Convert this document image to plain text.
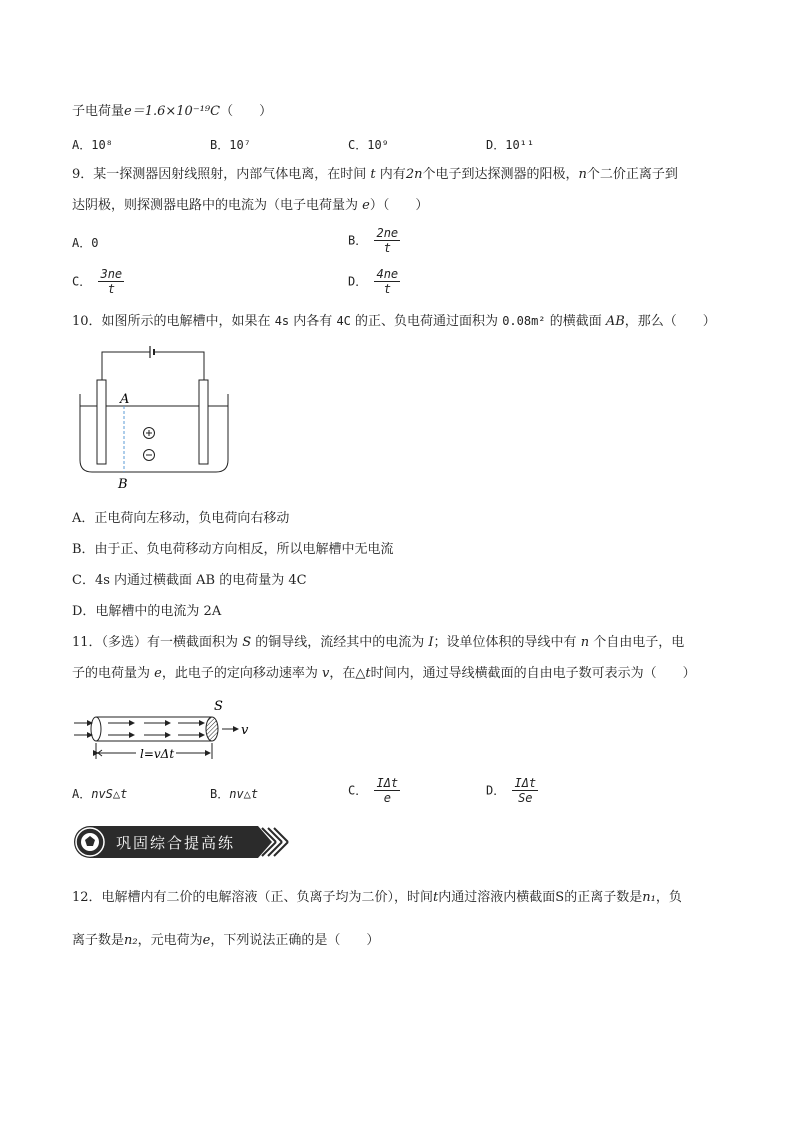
子电荷量e＝1.6×10⁻¹⁹C（　　）
A．10⁸	B．10⁷	C．10⁹	D．10¹¹
9．某一探测器因射线照射，内部气体电离，在时间 t 内有2n个电子到达探测器的阳极，n个二价正离子到
达阴极，则探测器电路中的电流为（电子电荷量为 e）（　　）
A．0	B． $\frac{2ne}{t}$
C． $\frac{3ne}{t}$	D． $\frac{4ne}{t}$
10．如图所示的电解槽中，如果在 4s 内各有 4C 的正、负电荷通过面积为 0.08m² 的横截面 AB，那么（　　）
A
B
A．正电荷向左移动，负电荷向右移动
B．由于正、负电荷移动方向相反，所以电解槽中无电流
C．4s 内通过横截面 AB 的电荷量为 4C
D．电解槽中的电流为 2A
11．（多选）有一横截面积为 S 的铜导线，流经其中的电流为 I；设单位体积的导线中有 n 个自由电子，电
子的电荷量为 e，此电子的定向移动速率为 v，在△t时间内，通过导线横截面的自由电子数可表示为（　　）
S
v
l=vΔt
A．nvS△t	B．nv△t	C． $\frac{\text{IΔt}}{e}$	D． $\frac{\text{IΔt}}{Se}$
巩固综合提高练
12．电解槽内有二价的电解溶液（正、负离子均为二价），时间t内通过溶液内横截面S的正离子数是n₁，负
离子数是n₂，元电荷为e，下列说法正确的是（　　）
